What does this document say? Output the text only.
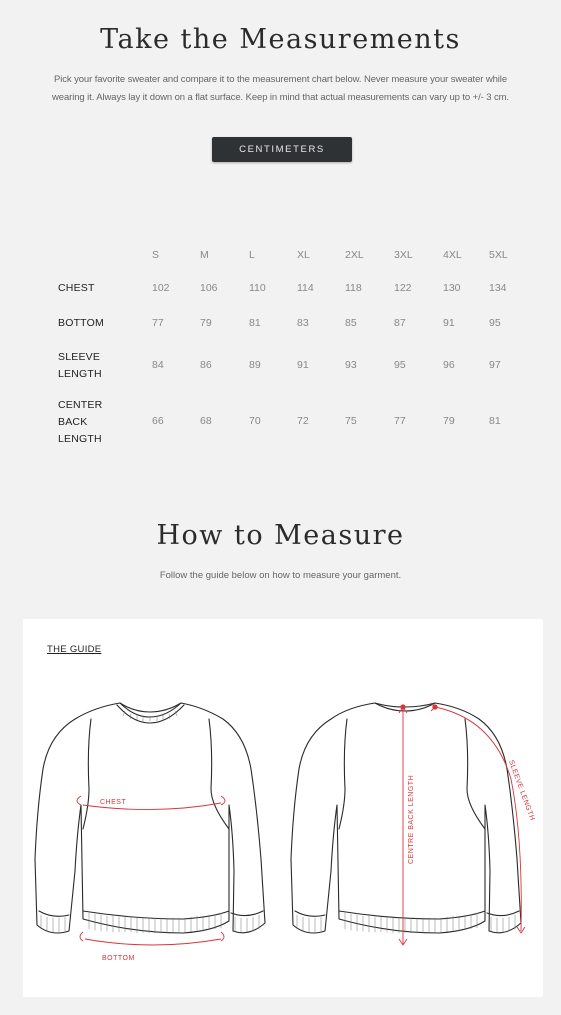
Take the Measurements
Pick your favorite sweater and compare it to the measurement chart below. Never measure your sweater while
wearing it. Always lay it down on a flat surface. Keep in mind that actual measurements can vary up to +/- 3 cm.
CENTIMETERS
S	M	L	XL	2XL	3XL	4XL	5XL
CHEST	102	106	110	114	118	122	130	134
BOTTOM	77	79	81	83	85	87	91	95
SLEEVE
LENGTH
84	86	89	91	93	95	96	97
CENTER
BACK
LENGTH
66	68	70	72	75	77	79	81
How to Measure
Follow the guide below on how to measure your garment.
THE GUIDE
CHEST
BOTTOM
CENTRE BACK LENGTH	SLEEVE LENGTH
